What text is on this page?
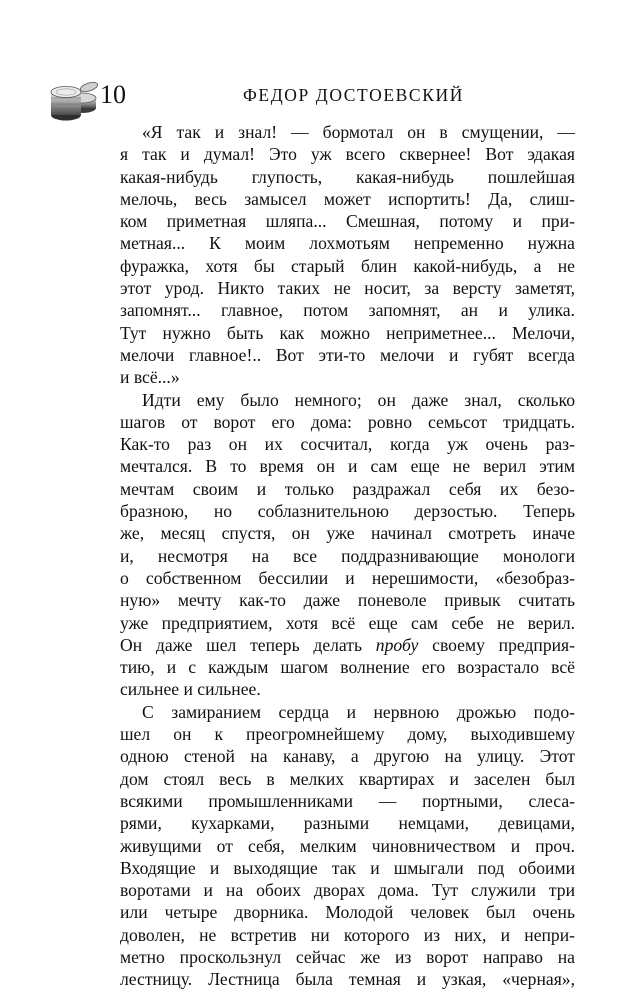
10	ФЕДОР ДОСТОЕВСКИЙ
«Я так и знал! — бормотал он в смущении, —
я так и думал! Это уж всего сквернее! Вот эдакая
какая-нибудь глупость, какая-нибудь пошлейшая
мелочь, весь замысел может испортить! Да, слиш-
ком приметная шляпа... Смешная, потому и при-
метная... К моим лохмотьям непременно нужна
фуражка, хотя бы старый блин какой-нибудь, а не
этот урод. Никто таких не носит, за версту заметят,
запомнят... главное, потом запомнят, ан и улика.
Тут нужно быть как можно неприметнее... Мелочи,
мелочи главное!.. Вот эти-то мелочи и губят всегда
и всё...»
Идти ему было немного; он даже знал, сколько
шагов от ворот его дома: ровно семьсот тридцать.
Как-то раз он их сосчитал, когда уж очень раз-
мечтался. В то время он и сам еще не верил этим
мечтам своим и только раздражал себя их безо-
бразною, но соблазнительною дерзостью. Теперь
же, месяц спустя, он уже начинал смотреть иначе
и, несмотря на все поддразнивающие монологи
о собственном бессилии и нерешимости, «безобраз-
ную» мечту как-то даже поневоле привык считать
уже предприятием, хотя всё еще сам себе не верил.
Он даже шел теперь делать пробу своему предприя-
тию, и с каждым шагом волнение его возрастало всё
сильнее и сильнее.
С замиранием сердца и нервною дрожью подо-
шел он к преогромнейшему дому, выходившему
одною стеной на канаву, а другою на улицу. Этот
дом стоял весь в мелких квартирах и заселен был
всякими промышленниками — портными, слеса-
рями, кухарками, разными немцами, девицами,
живущими от себя, мелким чиновничеством и проч.
Входящие и выходящие так и шмыгали под обоими
воротами и на обоих дворах дома. Тут служили три
или четыре дворника. Молодой человек был очень
доволен, не встретив ни которого из них, и непри-
метно проскользнул сейчас же из ворот направо на
лестницу. Лестница была темная и узкая, «черная»,
